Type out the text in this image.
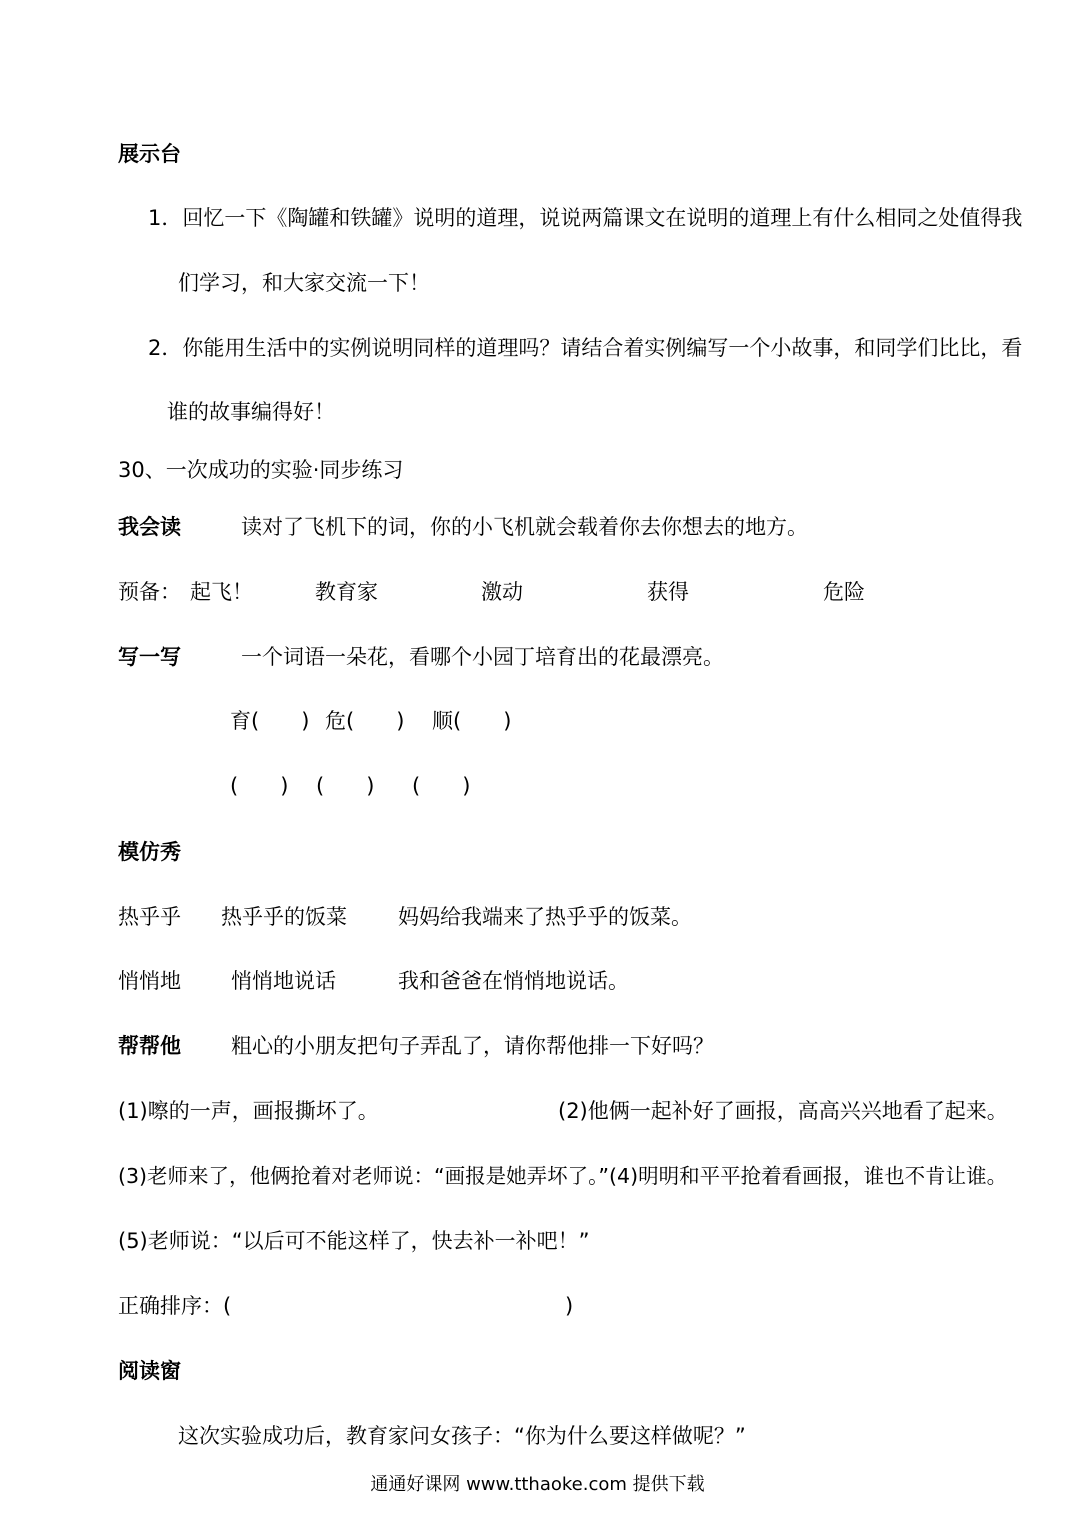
展示台
1．回忆一下《陶罐和铁罐》说明的道理，说说两篇课文在说明的道理上有什么相同之处值得我
们学习，和大家交流一下！
2．你能用生活中的实例说明同样的道理吗？请结合着实例编写一个小故事，和同学们比比，看
谁的故事编得好！
30、一次成功的实验·同步练习
我会读	读对了飞机下的词，你的小飞机就会载着你去你想去的地方。
预备： 起飞！	教育家	激动	获得	危险
写一写	一个词语一朵花，看哪个小园丁培育出的花最漂亮。
育(　　) 危(　　) 顺(　　)
(　　) (　　) (　　)
模仿秀
热乎乎 热乎乎的饭菜 妈妈给我端来了热乎乎的饭菜。
悄悄地 悄悄地说话	我和爸爸在悄悄地说话。
帮帮他 粗心的小朋友把句子弄乱了，请你帮他排一下好吗？
(1)嚓的一声，画报撕坏了。	(2)他俩一起补好了画报，高高兴兴地看了起来。
(3)老师来了，他俩抢着对老师说：“画报是她弄坏了。”(4)明明和平平抢着看画报，谁也不肯让谁。
(5)老师说：“以后可不能这样了，快去补一补吧！”
正确排序：(	)
阅读窗
这次实验成功后，教育家问女孩子：“你为什么要这样做呢？”
通通好课网 www.tthaoke.com 提供下载
